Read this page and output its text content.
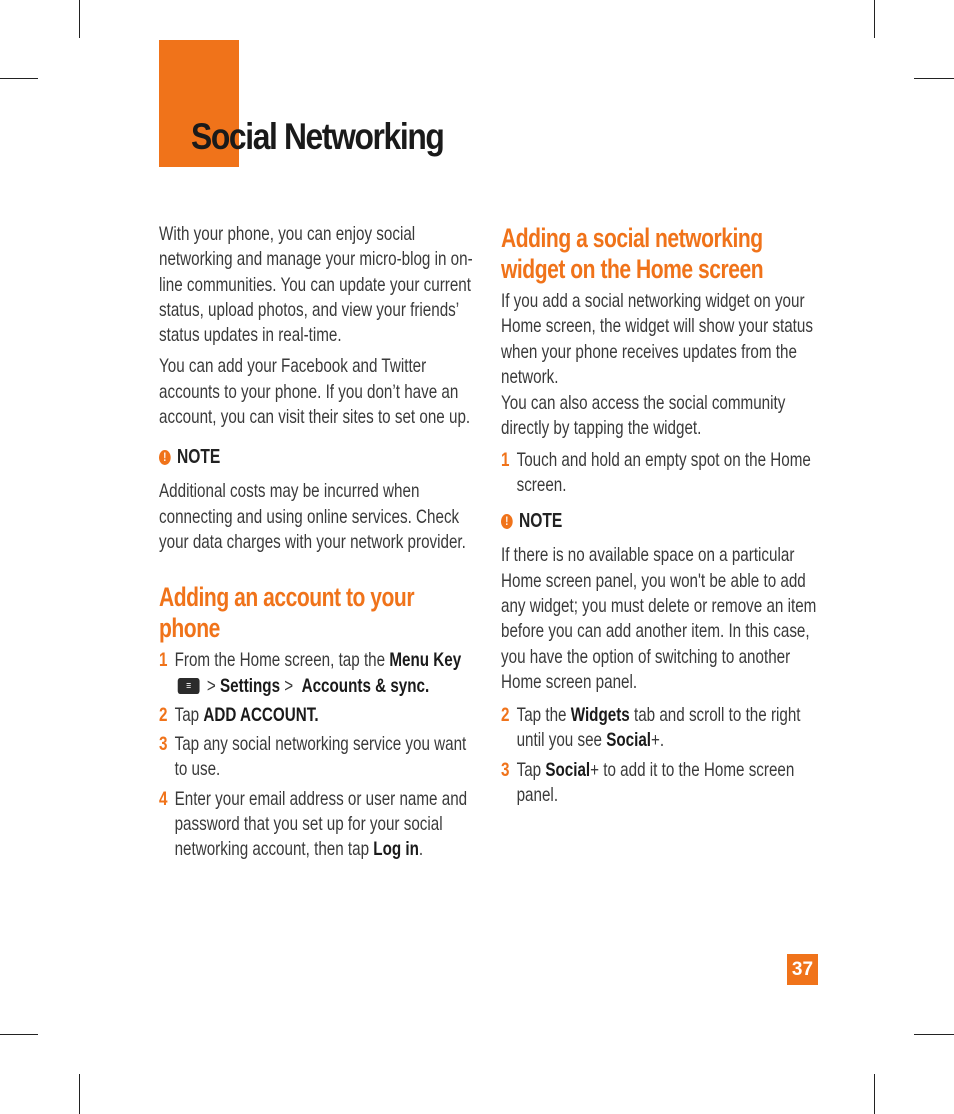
Social Networking

With your phone, you can enjoy social networking and manage your micro-blog in on-line communities. You can update your current status, upload photos, and view your friends’ status updates in real-time.

You can add your Facebook and Twitter accounts to your phone. If you don’t have an account, you can visit their sites to set one up.

! NOTE

Additional costs may be incurred when connecting and using online services. Check your data charges with your network provider.

Adding an account to your phone
1 From the Home screen, tap the Menu Key
≡ > Settings >  Accounts & sync.
2 Tap ADD ACCOUNT.
3 Tap any social networking service you want to use.
4 Enter your email address or user name and password that you set up for your social networking account, then tap Log in.
Adding a social networking widget on the Home screen

If you add a social networking widget on your Home screen, the widget will show your status when your phone receives updates from the network.

You can also access the social community directly by tapping the widget.

1 Touch and hold an empty spot on the Home screen.
! NOTE

If there is no available space on a particular Home screen panel, you won't be able to add any widget; you must delete or remove an item before you can add another item. In this case, you have the option of switching to another Home screen panel.

2 Tap the Widgets tab and scroll to the right until you see Social+.
3 Tap Social+ to add it to the Home screen panel.
37
